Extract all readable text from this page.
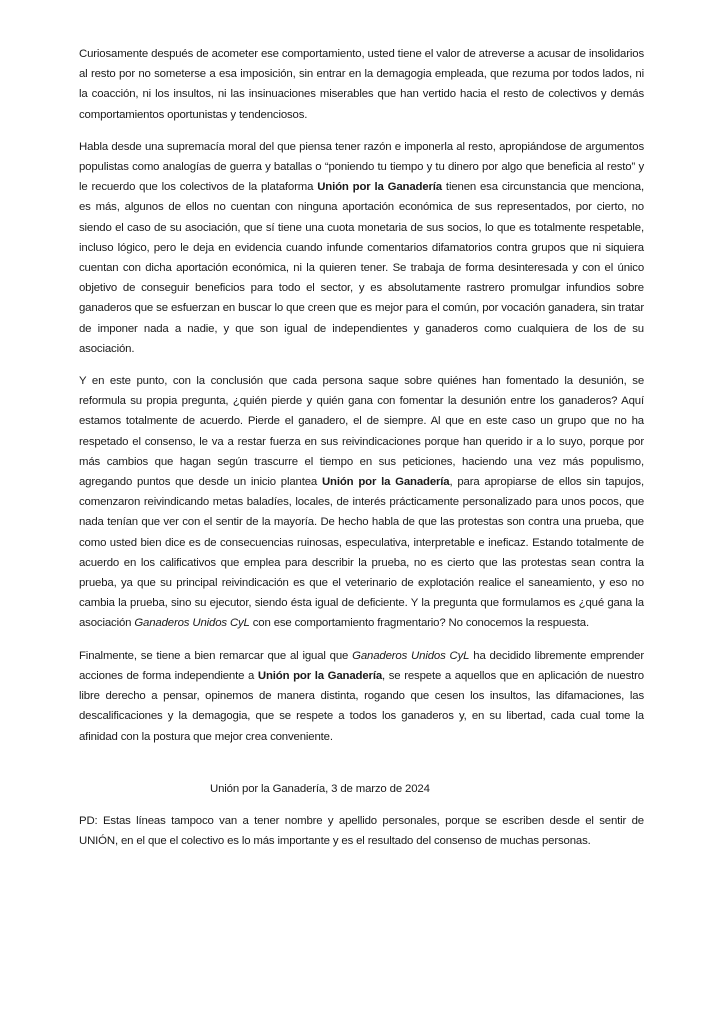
Curiosamente después de acometer ese comportamiento, usted tiene el valor de atreverse a acusar de insolidarios al resto por no someterse a esa imposición, sin entrar en la demagogia empleada, que rezuma por todos lados, ni la coacción, ni los insultos, ni las insinuaciones miserables que han vertido hacia el resto de colectivos y demás comportamientos oportunistas y tendenciosos.

Habla desde una supremacía moral del que piensa tener razón e imponerla al resto, apropiándose de argumentos populistas como analogías de guerra y batallas o “poniendo tu tiempo y tu dinero por algo que beneficia al resto” y le recuerdo que los colectivos de la plataforma Unión por la Ganadería tienen esa circunstancia que menciona, es más, algunos de ellos no cuentan con ninguna aportación económica de sus representados, por cierto, no siendo el caso de su asociación, que sí tiene una cuota monetaria de sus socios, lo que es totalmente respetable, incluso lógico, pero le deja en evidencia cuando infunde comentarios difamatorios contra grupos que ni siquiera cuentan con dicha aportación económica, ni la quieren tener. Se trabaja de forma desinteresada y con el único objetivo de conseguir beneficios para todo el sector, y es absolutamente rastrero promulgar infundios sobre ganaderos que se esfuerzan en buscar lo que creen que es mejor para el común, por vocación ganadera, sin tratar de imponer nada a nadie, y que son igual de independientes y ganaderos como cualquiera de los de su asociación.

Y en este punto, con la conclusión que cada persona saque sobre quiénes han fomentado la desunión, se reformula su propia pregunta, ¿quién pierde y quién gana con fomentar la desunión entre los ganaderos? Aquí estamos totalmente de acuerdo. Pierde el ganadero, el de siempre. Al que en este caso un grupo que no ha respetado el consenso, le va a restar fuerza en sus reivindicaciones porque han querido ir a lo suyo, porque por más cambios que hagan según trascurre el tiempo en sus peticiones, haciendo una vez más populismo, agregando puntos que desde un inicio plantea Unión por la Ganadería, para apropiarse de ellos sin tapujos, comenzaron reivindicando metas baladíes, locales, de interés prácticamente personalizado para unos pocos, que nada tenían que ver con el sentir de la mayoría. De hecho habla de que las protestas son contra una prueba, que como usted bien dice es de consecuencias ruinosas, especulativa, interpretable e ineficaz. Estando totalmente de acuerdo en los calificativos que emplea para describir la prueba, no es cierto que las protestas sean contra la prueba, ya que su principal reivindicación es que el veterinario de explotación realice el saneamiento, y eso no cambia la prueba, sino su ejecutor, siendo ésta igual de deficiente. Y la pregunta que formulamos es ¿qué gana la asociación Ganaderos Unidos CyL con ese comportamiento fragmentario? No conocemos la respuesta.

Finalmente, se tiene a bien remarcar que al igual que Ganaderos Unidos CyL ha decidido libremente emprender acciones de forma independiente a Unión por la Ganadería, se respete a aquellos que en aplicación de nuestro libre derecho a pensar, opinemos de manera distinta, rogando que cesen los insultos, las difamaciones, las descalificaciones y la demagogia, que se respete a todos los ganaderos y, en su libertad, cada cual tome la afinidad con la postura que mejor crea conveniente.

Unión por la Ganadería, 3 de marzo de 2024

PD: Estas líneas tampoco van a tener nombre y apellido personales, porque se escriben desde el sentir de UNIÓN, en el que el colectivo es lo más importante y es el resultado del consenso de muchas personas.
